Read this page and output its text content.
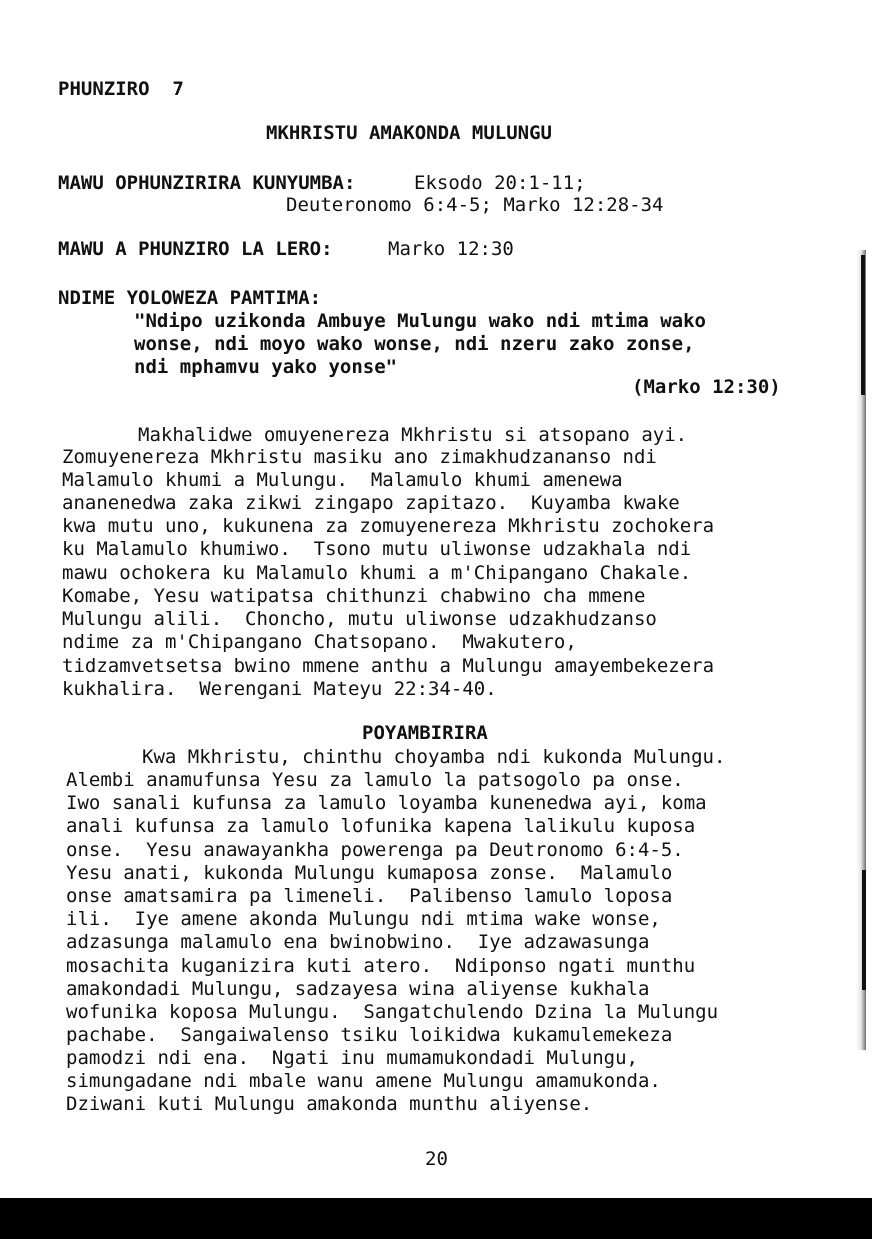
PHUNZIRO  7
MKHRISTU AMAKONDA MULUNGU
MAWU OPHUNZIRIRA KUNYUMBA:	Eksodo 20:1-11;
Deuteronomo 6:4-5; Marko 12:28-34
MAWU A PHUNZIRO LA LERO:	Marko 12:30
NDIME YOLOWEZA PAMTIMA:
"Ndipo uzikonda Ambuye Mulungu wako ndi mtima wako
wonse, ndi moyo wako wonse, ndi nzeru zako zonse,
ndi mphamvu yako yonse"
(Marko 12:30)
Makhalidwe omuyenereza Mkhristu si atsopano ayi.
Zomuyenereza Mkhristu masiku ano zimakhudzananso ndi
Malamulo khumi a Mulungu.  Malamulo khumi amenewa
ananenedwa zaka zikwi zingapo zapitazo.  Kuyamba kwake
kwa mutu uno, kukunena za zomuyenereza Mkhristu zochokera
ku Malamulo khumiwo.  Tsono mutu uliwonse udzakhala ndi
mawu ochokera ku Malamulo khumi a m'Chipangano Chakale.
Komabe, Yesu watipatsa chithunzi chabwino cha mmene
Mulungu alili.  Choncho, mutu uliwonse udzakhudzanso
ndime za m'Chipangano Chatsopano.  Mwakutero,
tidzamvetsetsa bwino mmene anthu a Mulungu amayembekezera
kukhalira.  Werengani Mateyu 22:34-40.
POYAMBIRIRA
Kwa Mkhristu, chinthu choyamba ndi kukonda Mulungu.
Alembi anamufunsa Yesu za lamulo la patsogolo pa onse.
Iwo sanali kufunsa za lamulo loyamba kunenedwa ayi, koma
anali kufunsa za lamulo lofunika kapena lalikulu kuposa
onse.  Yesu anawayankha powerenga pa Deutronomo 6:4-5.
Yesu anati, kukonda Mulungu kumaposa zonse.  Malamulo
onse amatsamira pa limeneli.  Palibenso lamulo loposa
ili.  Iye amene akonda Mulungu ndi mtima wake wonse,
adzasunga malamulo ena bwinobwino.  Iye adzawasunga
mosachita kuganizira kuti atero.  Ndiponso ngati munthu
amakondadi Mulungu, sadzayesa wina aliyense kukhala
wofunika koposa Mulungu.  Sangatchulendo Dzina la Mulungu
pachabe.  Sangaiwalenso tsiku loikidwa kukamulemekeza
pamodzi ndi ena.  Ngati inu mumamukondadi Mulungu,
simungadane ndi mbale wanu amene Mulungu amamukonda.
Dziwani kuti Mulungu amakonda munthu aliyense.
20
